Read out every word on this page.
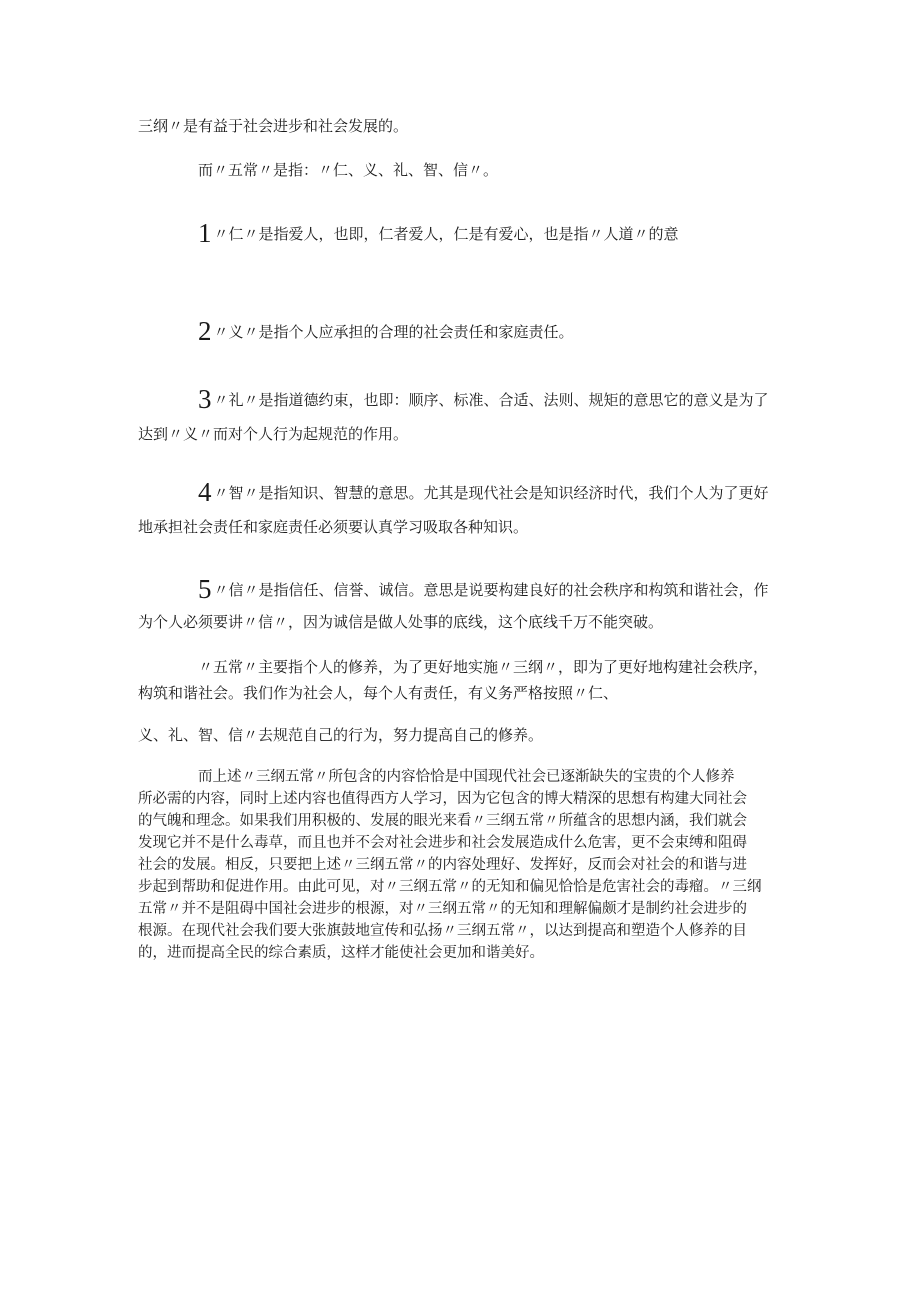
三纲〃是有益于社会进步和社会发展的。

而〃五常〃是指：〃仁、义、礼、智、信〃。

1 〃仁〃是指爱人，也即，仁者爱人，仁是有爱心，也是指〃人道〃的意

2 〃义〃是指个人应承担的合理的社会责任和家庭责任。

3 〃礼〃是指道德约束，也即：顺序、标准、合适、法则、规矩的意思它的意义是为了
达到〃义〃而对个人行为起规范的作用。
4 〃智〃是指知识、智慧的意思。尤其是现代社会是知识经济时代，我们个人为了更好
地承担社会责任和家庭责任必须要认真学习吸取各种知识。
5 〃信〃是指信任、信誉、诚信。意思是说要构建良好的社会秩序和构筑和谐社会，作
为个人必须要讲〃信〃，因为诚信是做人处事的底线，这个底线千万不能突破。
〃五常〃主要指个人的修养，为了更好地实施〃三纲〃，即为了更好地构建社会秩序，
构筑和谐社会。我们作为社会人，每个人有责任，有义务严格按照〃仁、

义、礼、智、信〃去规范自己的行为，努力提高自己的修养。

而上述〃三纲五常〃所包含的内容恰恰是中国现代社会已逐渐缺失的宝贵的个人修养
所必需的内容，同时上述内容也值得西方人学习，因为它包含的博大精深的思想有构建大同社会
的气魄和理念。如果我们用积极的、发展的眼光来看〃三纲五常〃所蕴含的思想内涵，我们就会
发现它并不是什么毒草，而且也并不会对社会进步和社会发展造成什么危害，更不会束缚和阻碍
社会的发展。相反，只要把上述〃三纲五常〃的内容处理好、发挥好，反而会对社会的和谐与进
步起到帮助和促进作用。由此可见，对〃三纲五常〃的无知和偏见恰恰是危害社会的毒瘤。〃三纲
五常〃并不是阻碍中国社会进步的根源，对〃三纲五常〃的无知和理解偏颇才是制约社会进步的
根源。在现代社会我们要大张旗鼓地宣传和弘扬〃三纲五常〃，以达到提高和塑造个人修养的目
的，进而提高全民的综合素质，这样才能使社会更加和谐美好。
